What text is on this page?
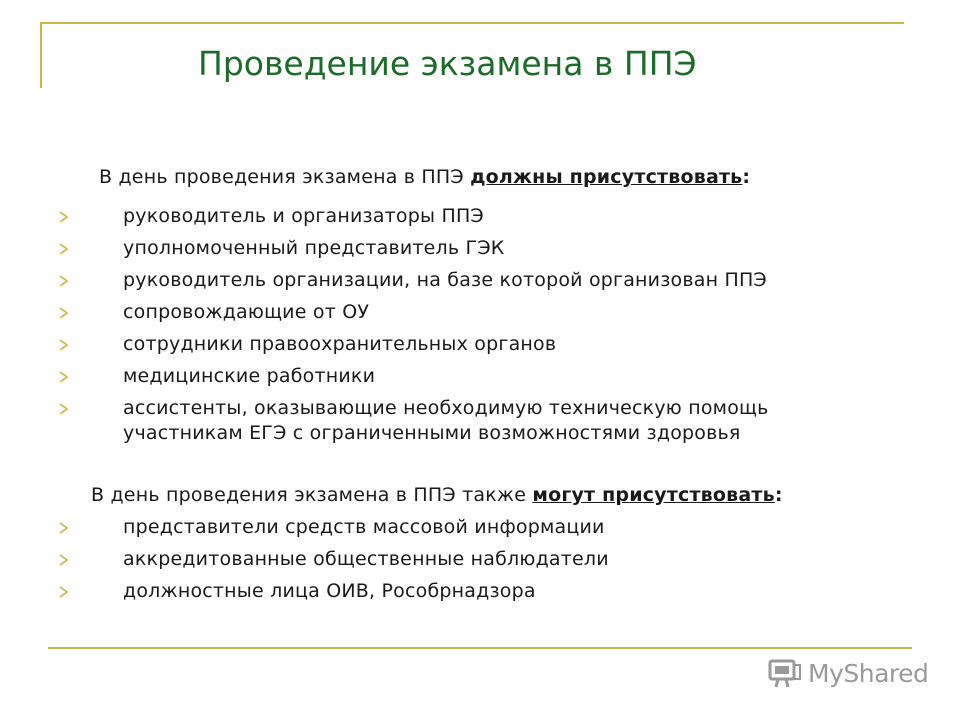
Проведение экзамена в ППЭ
В день проведения экзамена в ППЭ должны присутствовать:
руководитель и организаторы ППЭ
уполномоченный представитель ГЭК
руководитель организации, на базе которой организован ППЭ
сопровождающие от ОУ
сотрудники правоохранительных органов
медицинские работники
ассистенты, оказывающие необходимую техническую помощь участникам ЕГЭ с ограниченными возможностями здоровья
В день проведения экзамена в ППЭ также могут присутствовать:
представители средств массовой информации
аккредитованные общественные наблюдатели
должностные лица ОИВ, Рособрнадзора
MyShared
